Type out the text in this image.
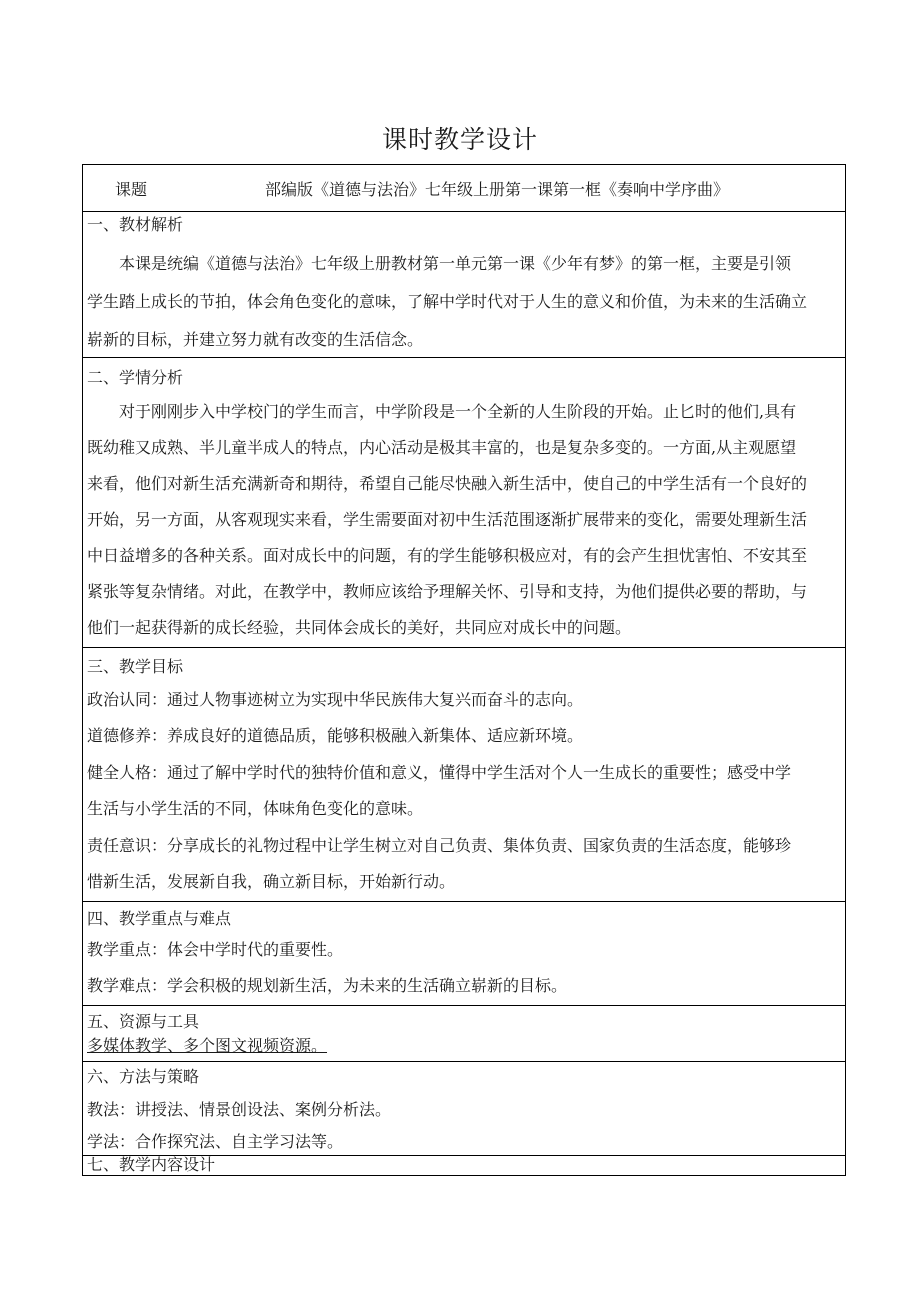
课时教学设计
课题	部编版《道德与法治》七年级上册第一课第一框《奏响中学序曲》
一、教材解析
本课是统编《道德与法治》七年级上册教材第一单元第一课《少年有梦》的第一框，主要是引领
学生踏上成长的节拍，体会角色变化的意味，了解中学时代对于人生的意义和价值，为未来的生活确立
崭新的目标，并建立努力就有改变的生活信念。
二、学情分析
对于刚刚步入中学校门的学生而言，中学阶段是一个全新的人生阶段的开始。止匕时的他们,具有
既幼稚又成熟、半儿童半成人的特点，内心活动是极其丰富的，也是复杂多变的。一方面,从主观愿望
来看，他们对新生活充满新奇和期待，希望自己能尽快融入新生活中，使自己的中学生活有一个良好的
开始，另一方面，从客观现实来看，学生需要面对初中生活范围逐渐扩展带来的变化，需要处理新生活
中日益增多的各种关系。面对成长中的问题，有的学生能够积极应对，有的会产生担忧害怕、不安其至
紧张等复杂情绪。对此，在教学中，教师应该给予理解关怀、引导和支持，为他们提供必要的帮助，与
他们一起获得新的成长经验，共同体会成长的美好，共同应对成长中的问题。
三、教学目标
政治认同：通过人物事迹树立为实现中华民族伟大复兴而奋斗的志向。
道德修养：养成良好的道德品质，能够积极融入新集体、适应新环境。
健全人格：通过了解中学时代的独特价值和意义，懂得中学生活对个人一生成长的重要性；感受中学
生活与小学生活的不同，体味角色变化的意味。
责任意识：分享成长的礼物过程中让学生树立对自己负责、集体负责、国家负责的生活态度，能够珍
惜新生活，发展新自我，确立新目标，开始新行动。
四、教学重点与难点
教学重点：体会中学时代的重要性。
教学难点：学会积极的规划新生活，为未来的生活确立崭新的目标。
五、资源与工具
多媒体教学、多个图文视频资源。
六、方法与策略
教法：讲授法、情景创设法、案例分析法。
学法：合作探究法、自主学习法等。
七、教学内容设计
